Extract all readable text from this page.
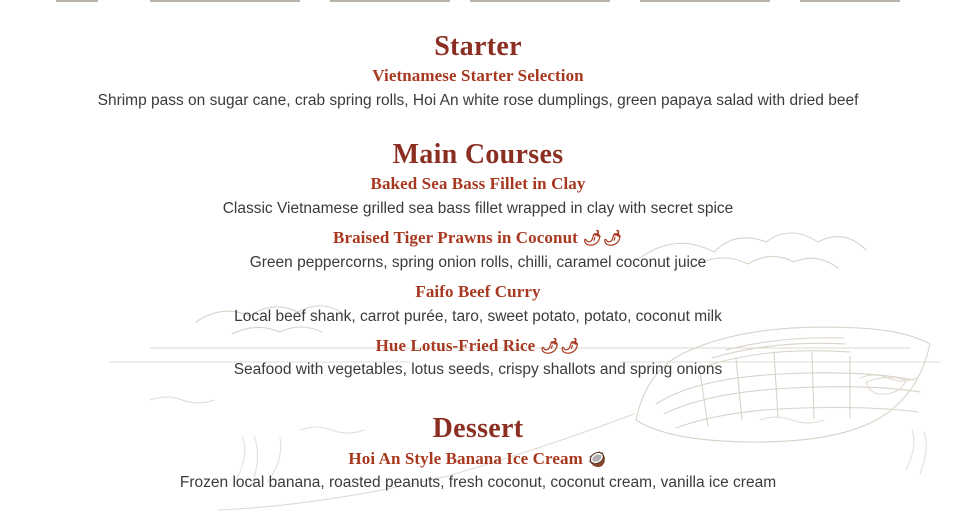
Starter
Vietnamese Starter Selection
Shrimp pass on sugar cane, crab spring rolls, Hoi An white rose dumplings, green papaya salad with dried beef
Main Courses
Baked Sea Bass Fillet in Clay
Classic Vietnamese grilled sea bass fillet wrapped in clay with secret spice
Braised Tiger Prawns in Coconut 🌶🌶
Green peppercorns, spring onion rolls, chilli, caramel coconut juice
Faifo Beef Curry
Local beef shank, carrot purée, taro, sweet potato, potato, coconut milk
Hue Lotus-Fried Rice 🌶🌶
Seafood with vegetables, lotus seeds, crispy shallots and spring onions
Dessert
Hoi An Style Banana Ice Cream 🥥
Frozen local banana, roasted peanuts, fresh coconut, coconut cream, vanilla ice cream
